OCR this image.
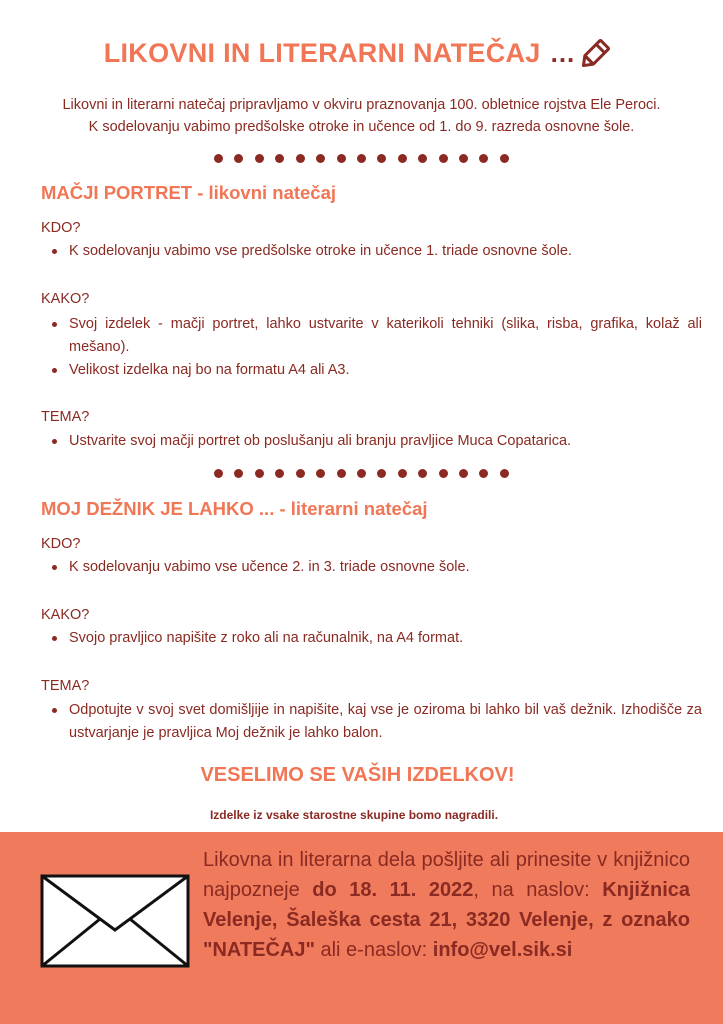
LIKOVNI IN LITERARNI NATEČAJ ...
Likovni in literarni natečaj pripravljamo v okviru praznovanja 100. obletnice rojstva Ele Peroci.
K sodelovanju vabimo predšolske otroke in učence od 1. do 9. razreda osnovne šole.
MAČJI PORTRET - likovni natečaj
KDO?
K sodelovanju vabimo vse predšolske otroke in učence 1. triade osnovne šole.
KAKO?
Svoj izdelek - mačji portret, lahko ustvarite v katerikoli tehniki (slika, risba, grafika, kolaž ali mešano).
Velikost izdelka naj bo na formatu A4 ali A3.
TEMA?
Ustvarite svoj mačji portret ob poslušanju ali branju pravljice Muca Copatarica.
MOJ DEŽNIK JE LAHKO ... - literarni natečaj
KDO?
K sodelovanju vabimo vse učence 2. in 3. triade osnovne šole.
KAKO?
Svojo pravljico napišite z roko ali na računalnik, na A4 format.
TEMA?
Odpotujte v svoj svet domišljije in napišite, kaj vse je oziroma bi lahko bil vaš dežnik. Izhodišče za ustvarjanje je pravljica Moj dežnik je lahko balon.
VESELIMO SE VAŠIH IZDELKOV!
Izdelke iz vsake starostne skupine bomo nagradili.
Likovna in literarna dela pošljite ali prinesite v knjižnico najpozneje do 18. 11. 2022, na naslov: Knjižnica Velenje, Šaleška cesta 21, 3320 Velenje, z oznako "NATEČAJ" ali e-naslov: info@vel.sik.si
